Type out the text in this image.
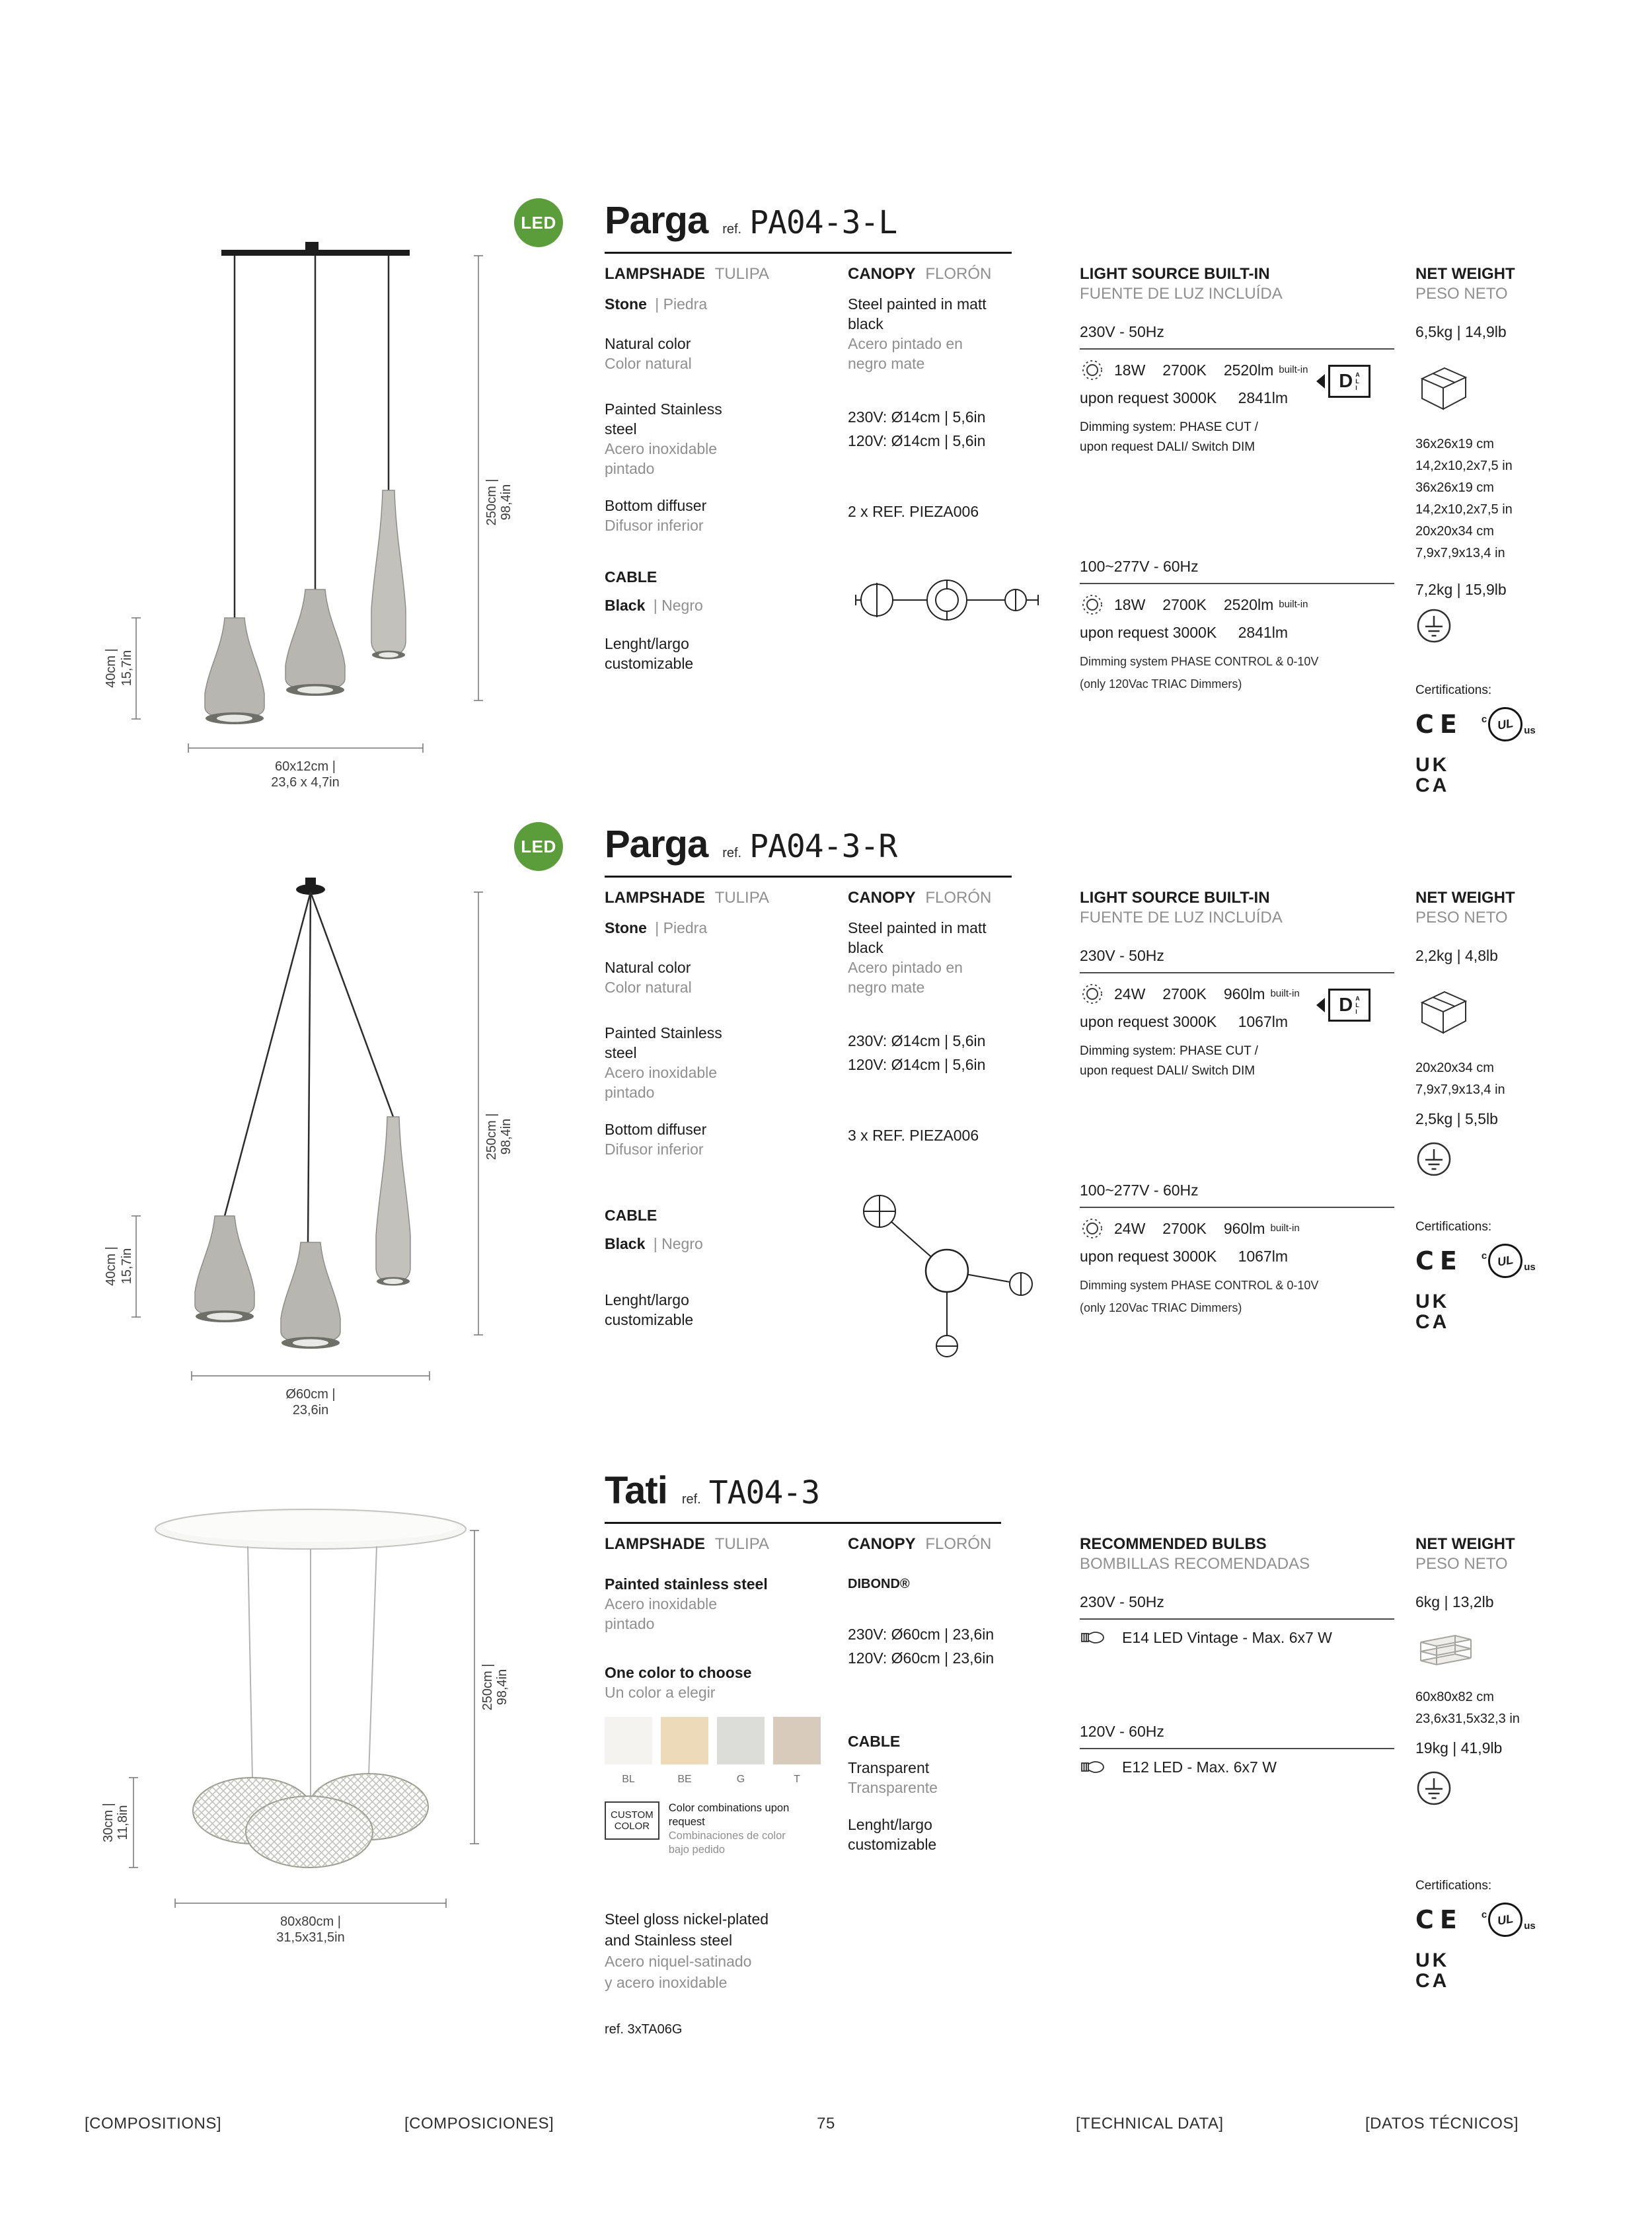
40cm | 15,7in
250cm | 98,4in
60x12cm |
23,6 x 4,7in
LED Parga ref. PA04-3-L
LAMPSHADE TULIPA
Stone | Piedra
Natural color
Color natural
Painted Stainless
steel
Acero inoxidable
pintado
Bottom diffuser
Difusor inferior
CABLE
Black | Negro
Lenght/largo
customizable
CANOPY FLORÓN
Steel painted in matt
black
Acero pintado en
negro mate
230V: Ø14cm | 5,6in
120V: Ø14cm | 5,6in
2 x REF. PIEZA006
LIGHT SOURCE BUILT-IN
FUENTE DE LUZ INCLUÍDA
230V - 50Hz
18W 2700K 2520lm built-in
upon request 3000K 2841lm
Dimming system: PHASE CUT /
upon request DALI/ Switch DIM
D A
L
I
100~277V - 60Hz
18W 2700K 2520lm built-in
upon request 3000K 2841lm
Dimming system PHASE CONTROL & 0-10V
(only 120Vac TRIAC Dimmers)
NET WEIGHT
PESO NETO
6,5kg | 14,9lb
36x26x19 cm
14,2x10,2x7,5 in
36x26x19 cm
14,2x10,2x7,5 in
20x20x34 cm
7,9x7,9x13,4 in
7,2kg | 15,9lb
Certifications:
CE c UL us
UK
CA
40cm | 15,7in
250cm | 98,4in
Ø60cm |
23,6in
LED Parga ref. PA04-3-R
LAMPSHADE TULIPA
Stone | Piedra
Natural color
Color natural
Painted Stainless
steel
Acero inoxidable
pintado
Bottom diffuser
Difusor inferior
CABLE
Black | Negro
Lenght/largo
customizable
CANOPY FLORÓN
Steel painted in matt
black
Acero pintado en
negro mate
230V: Ø14cm | 5,6in
120V: Ø14cm | 5,6in
3 x REF. PIEZA006
LIGHT SOURCE BUILT-IN
FUENTE DE LUZ INCLUÍDA
230V - 50Hz
24W 2700K 960lm built-in
upon request 3000K 1067lm
Dimming system: PHASE CUT /
upon request DALI/ Switch DIM
D A
L
I
100~277V - 60Hz
24W 2700K 960lm built-in
upon request 3000K 1067lm
Dimming system PHASE CONTROL & 0-10V
(only 120Vac TRIAC Dimmers)
NET WEIGHT
PESO NETO
2,2kg | 4,8lb
20x20x34 cm
7,9x7,9x13,4 in
2,5kg | 5,5lb
Certifications:
CE c UL us
UK
CA
30cm | 11,8in
250cm | 98,4in
80x80cm |
31,5x31,5in
Tati ref. TA04-3
LAMPSHADE TULIPA
Painted stainless steel
Acero inoxidable
pintado
One color to choose
Un color a elegir
BL	BE	G	T
CUSTOM
COLOR
Color combinations upon request
Combinaciones de color bajo pedido
Steel gloss nickel-plated
and Stainless steel
Acero niquel-satinado
y acero inoxidable
ref. 3xTA06G
CANOPY FLORÓN
DIBOND®
230V: Ø60cm | 23,6in
120V: Ø60cm | 23,6in
CABLE
Transparent
Transparente
Lenght/largo
customizable
RECOMMENDED BULBS
BOMBILLAS RECOMENDADAS
230V - 50Hz
E14 LED Vintage - Max. 6x7 W
120V - 60Hz
E12 LED - Max. 6x7 W
NET WEIGHT
PESO NETO
6kg | 13,2lb
60x80x82 cm
23,6x31,5x32,3 in
19kg | 41,9lb
Certifications:
CE c UL us
UK
CA
[COMPOSITIONS]	[COMPOSICIONES]	75	[TECHNICAL DATA]	[DATOS TÉCNICOS]
